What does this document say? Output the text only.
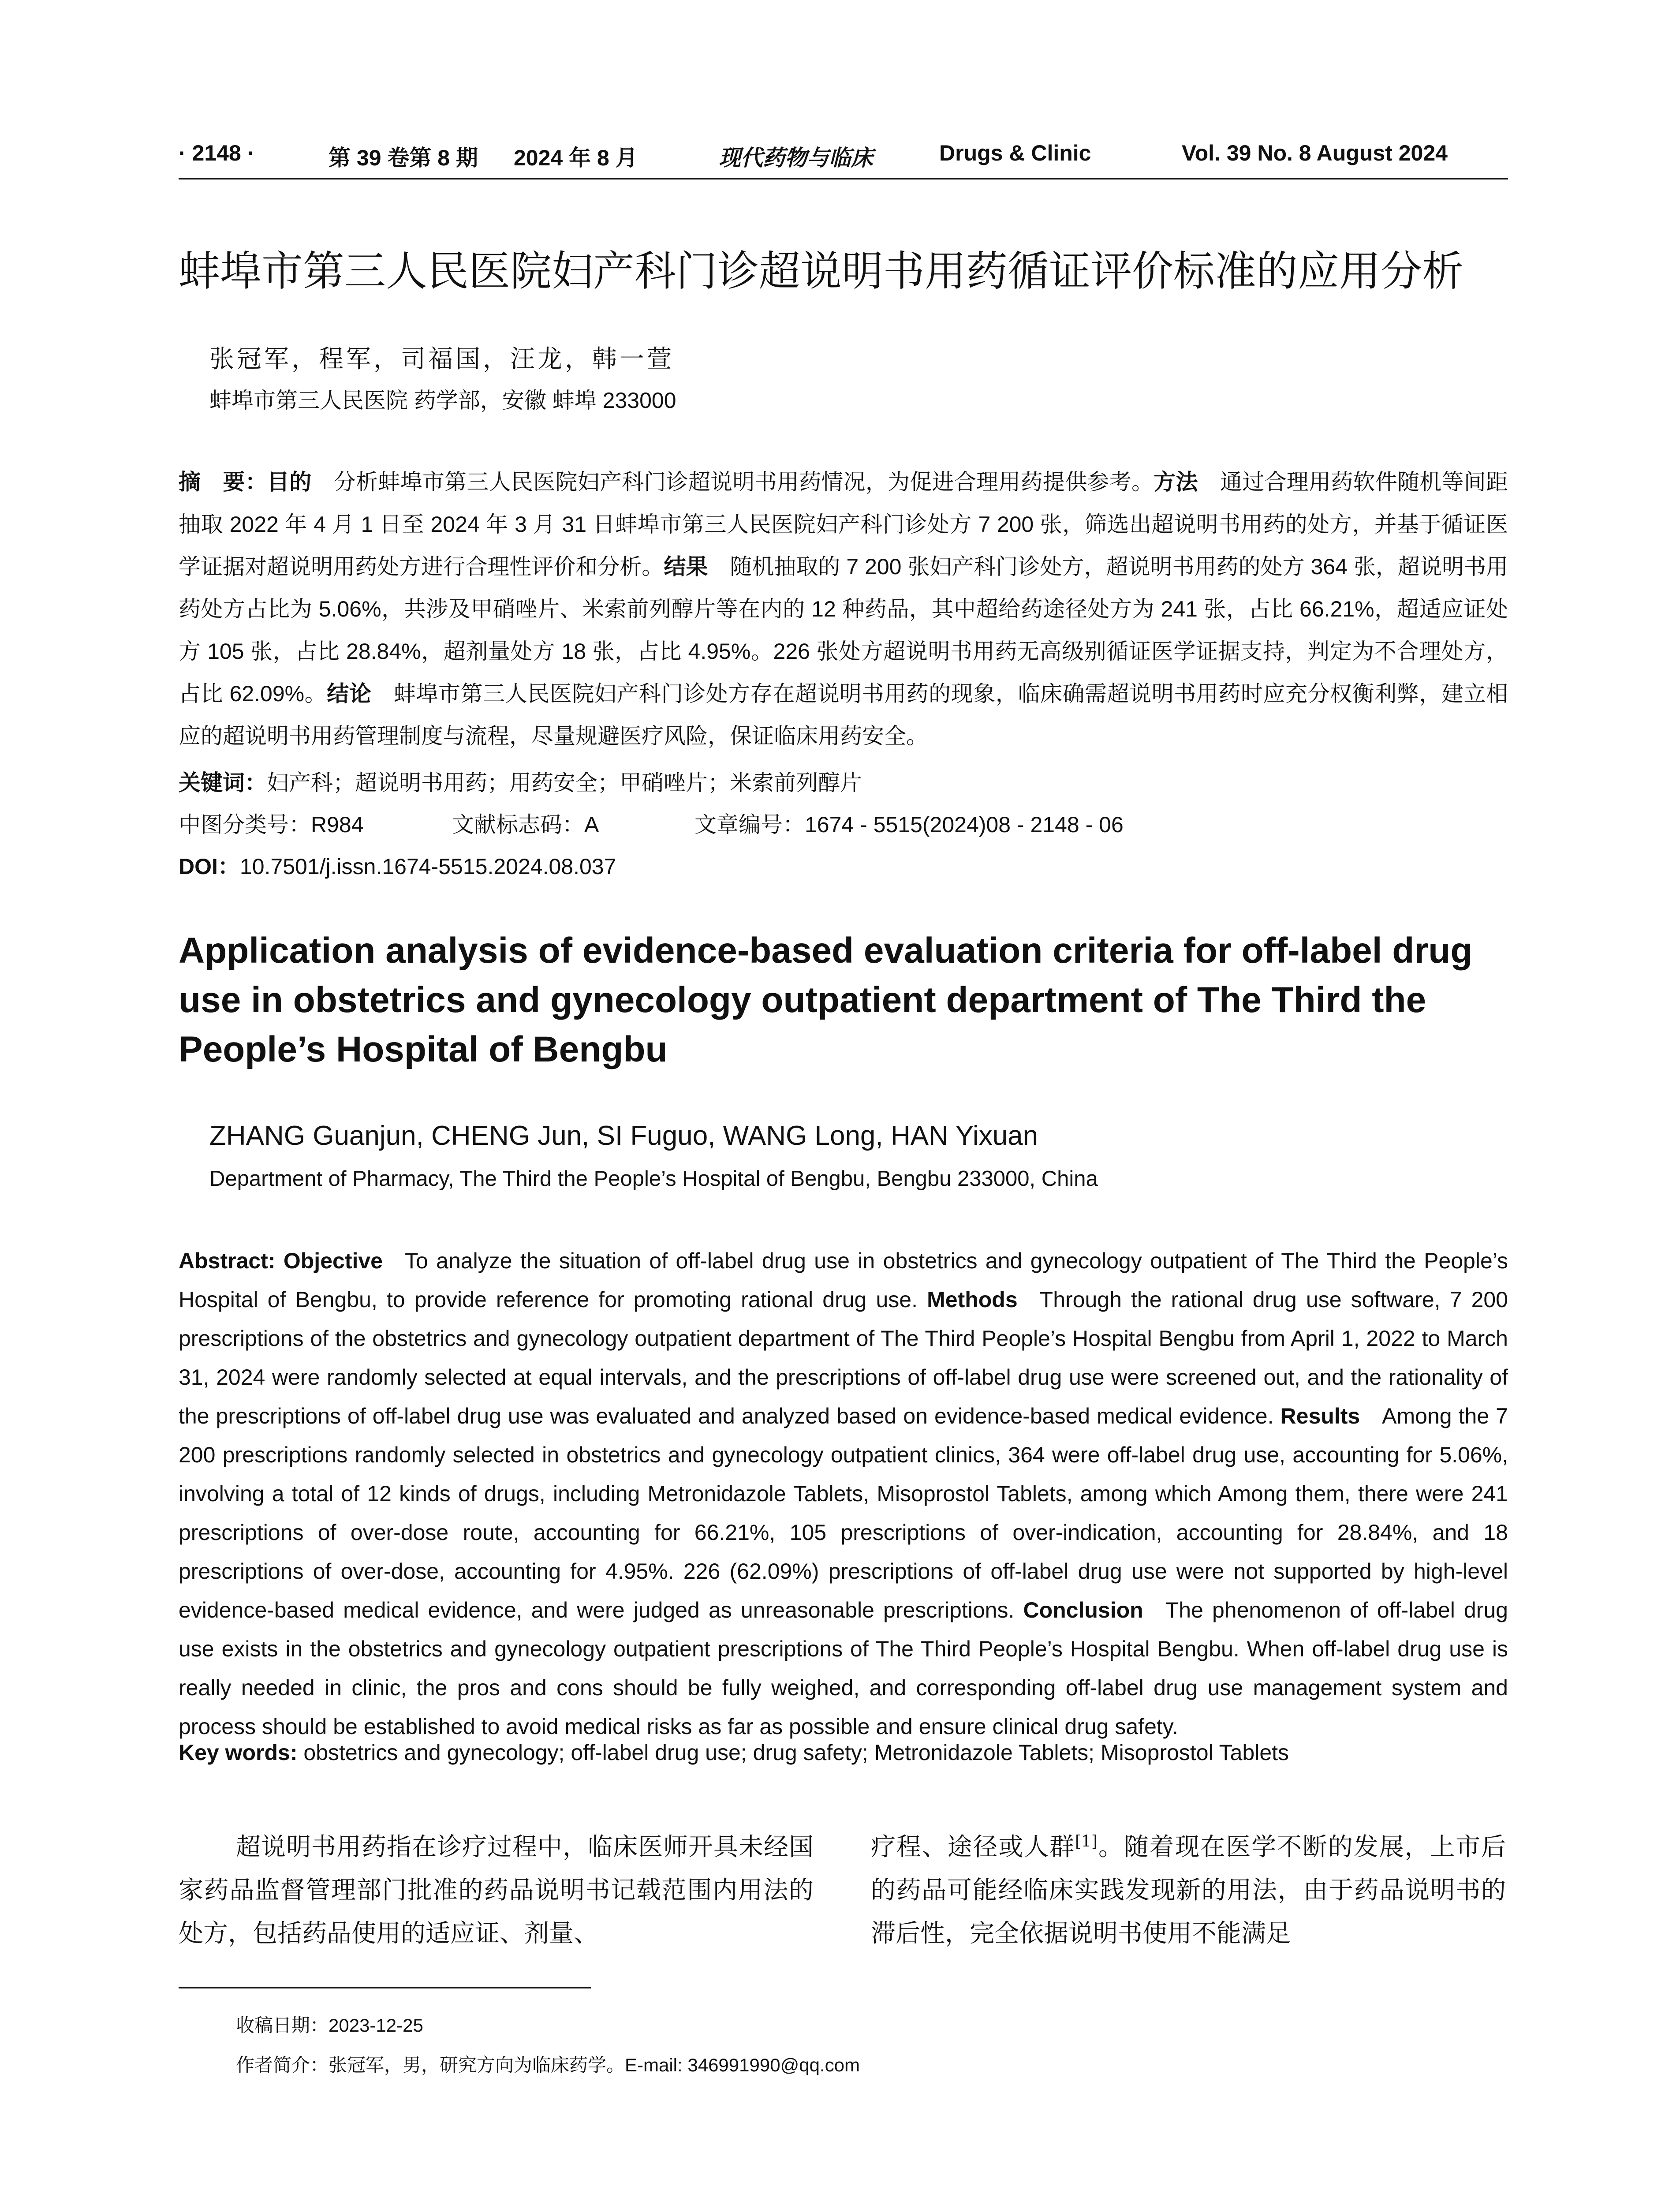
· 2148 ·	第 39 卷第 8 期 2024 年 8 月	现代药物与临床	Drugs & Clinic	Vol. 39 No. 8 August 2024
蚌埠市第三人民医院妇产科门诊超说明书用药循证评价标准的应用分析
张冠军，程军，司福国，汪龙，韩一萱
蚌埠市第三人民医院 药学部，安徽 蚌埠 233000
摘　要：目的 分析蚌埠市第三人民医院妇产科门诊超说明书用药情况，为促进合理用药提供参考。方法 通过合理用药软件随机等间距抽取 2022 年 4 月 1 日至 2024 年 3 月 31 日蚌埠市第三人民医院妇产科门诊处方 7 200 张，筛选出超说明书用药的处方，并基于循证医学证据对超说明用药处方进行合理性评价和分析。结果 随机抽取的 7 200 张妇产科门诊处方，超说明书用药的处方 364 张，超说明书用药处方占比为 5.06%，共涉及甲硝唑片、米索前列醇片等在内的 12 种药品，其中超给药途径处方为 241 张，占比 66.21%，超适应证处方 105 张，占比 28.84%，超剂量处方 18 张，占比 4.95%。226 张处方超说明书用药无高级别循证医学证据支持，判定为不合理处方，占比 62.09%。结论 蚌埠市第三人民医院妇产科门诊处方存在超说明书用药的现象，临床确需超说明书用药时应充分权衡利弊，建立相应的超说明书用药管理制度与流程，尽量规避医疗风险，保证临床用药安全。
关键词：妇产科；超说明书用药；用药安全；甲硝唑片；米索前列醇片
中图分类号：R984	文献标志码：A	文章编号：1674 - 5515(2024)08 - 2148 - 06
DOI：10.7501/j.issn.1674-5515.2024.08.037
Application analysis of evidence-based evaluation criteria for off-label drug use in obstetrics and gynecology outpatient department of The Third the People’s Hospital of Bengbu
ZHANG Guanjun, CHENG Jun, SI Fuguo, WANG Long, HAN Yixuan
Department of Pharmacy, The Third the People’s Hospital of Bengbu, Bengbu 233000, China
Abstract: Objective To analyze the situation of off-label drug use in obstetrics and gynecology outpatient of The Third the People’s Hospital of Bengbu, to provide reference for promoting rational drug use. Methods Through the rational drug use software, 7 200 prescriptions of the obstetrics and gynecology outpatient department of The Third People’s Hospital Bengbu from April 1, 2022 to March 31, 2024 were randomly selected at equal intervals, and the prescriptions of off-label drug use were screened out, and the rationality of the prescriptions of off-label drug use was evaluated and analyzed based on evidence-based medical evidence. Results Among the 7 200 prescriptions randomly selected in obstetrics and gynecology outpatient clinics, 364 were off-label drug use, accounting for 5.06%, involving a total of 12 kinds of drugs, including Metronidazole Tablets, Misoprostol Tablets, among which Among them, there were 241 prescriptions of over-dose route, accounting for 66.21%, 105 prescriptions of over-indication, accounting for 28.84%, and 18 prescriptions of over-dose, accounting for 4.95%. 226 (62.09%) prescriptions of off-label drug use were not supported by high-level evidence-based medical evidence, and were judged as unreasonable prescriptions. Conclusion The phenomenon of off-label drug use exists in the obstetrics and gynecology outpatient prescriptions of The Third People’s Hospital Bengbu. When off-label drug use is really needed in clinic, the pros and cons should be fully weighed, and corresponding off-label drug use management system and process should be established to avoid medical risks as far as possible and ensure clinical drug safety.
Key words: obstetrics and gynecology; off-label drug use; drug safety; Metronidazole Tablets; Misoprostol Tablets
超说明书用药指在诊疗过程中，临床医师开具未经国家药品监督管理部门批准的药品说明书记载范围内用法的处方，包括药品使用的适应证、剂量、
疗程、途径或人群[1]。随着现在医学不断的发展，上市后的药品可能经临床实践发现新的用法，由于药品说明书的滞后性，完全依据说明书使用不能满足
收稿日期：2023-12-25
作者简介：张冠军，男，研究方向为临床药学。E-mail: 346991990@qq.com
